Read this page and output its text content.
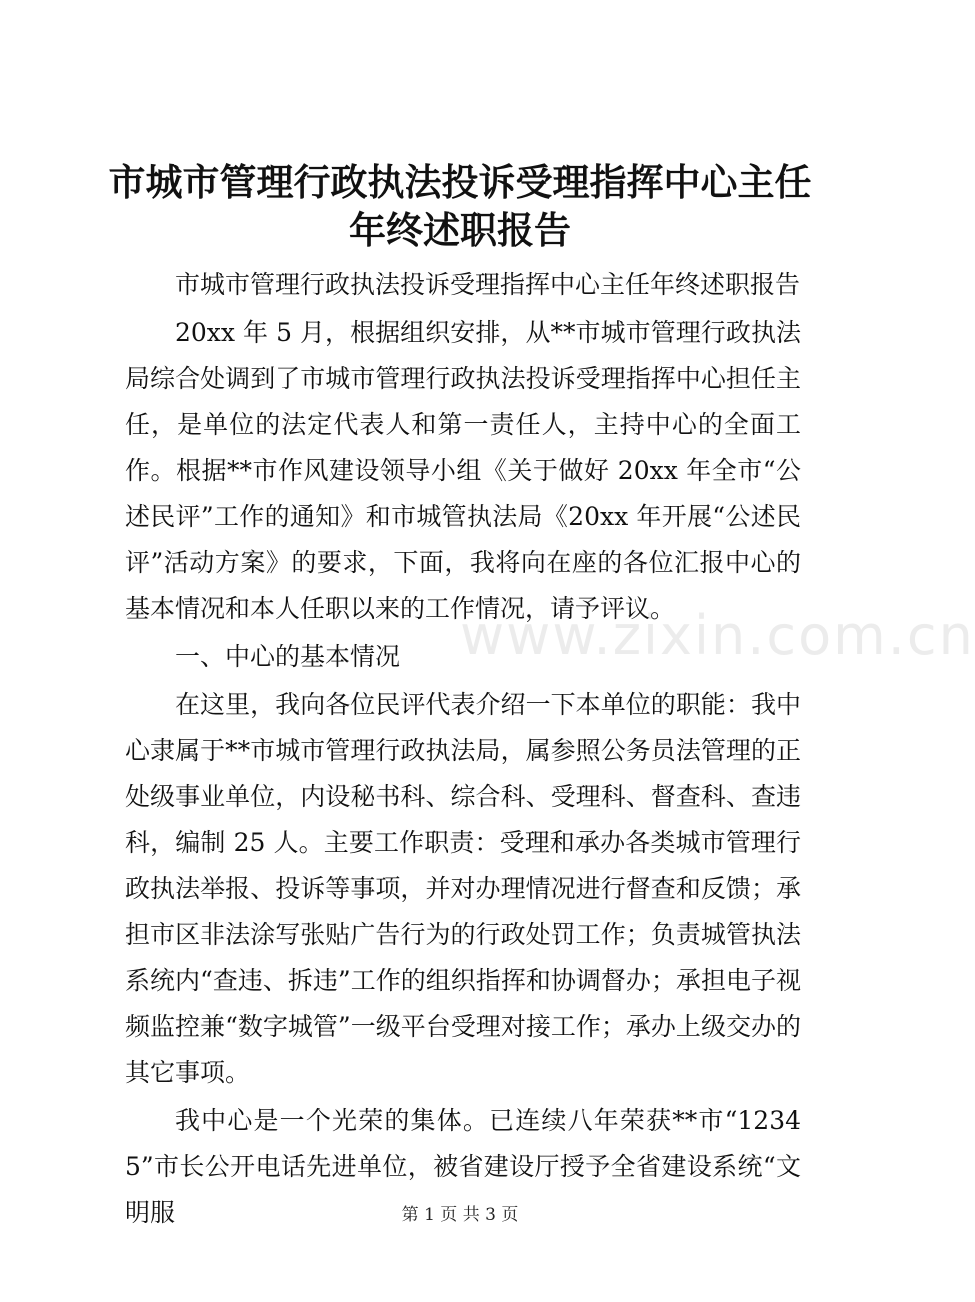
市城市管理行政执法投诉受理指挥中心主任年终述职报告

市城市管理行政执法投诉受理指挥中心主任年终述职报告

20xx 年 5 月，根据组织安排，从**市城市管理行政执法局综合处调到了市城市管理行政执法投诉受理指挥中心担任主任，是单位的法定代表人和第一责任人，主持中心的全面工作。根据**市作风建设领导小组《关于做好 20xx 年全市“公述民评”工作的通知》和市城管执法局《20xx 年开展“公述民评”活动方案》的要求，下面，我将向在座的各位汇报中心的基本情况和本人任职以来的工作情况，请予评议。

一、中心的基本情况

在这里，我向各位民评代表介绍一下本单位的职能：我中心隶属于**市城市管理行政执法局，属参照公务员法管理的正处级事业单位，内设秘书科、综合科、受理科、督查科、查违科，编制 25 人。主要工作职责：受理和承办各类城市管理行政执法举报、投诉等事项，并对办理情况进行督查和反馈；承担市区非法涂写张贴广告行为的行政处罚工作；负责城管执法系统内“查违、拆违”工作的组织指挥和协调督办；承担电子视频监控兼“数字城管”一级平台受理对接工作；承办上级交办的其它事项。

我中心是一个光荣的集体。已连续八年荣获**市“12345”市长公开电话先进单位，被省建设厅授予全省建设系统“文明服

www.zixin.com.cn
第 1 页 共 3 页
